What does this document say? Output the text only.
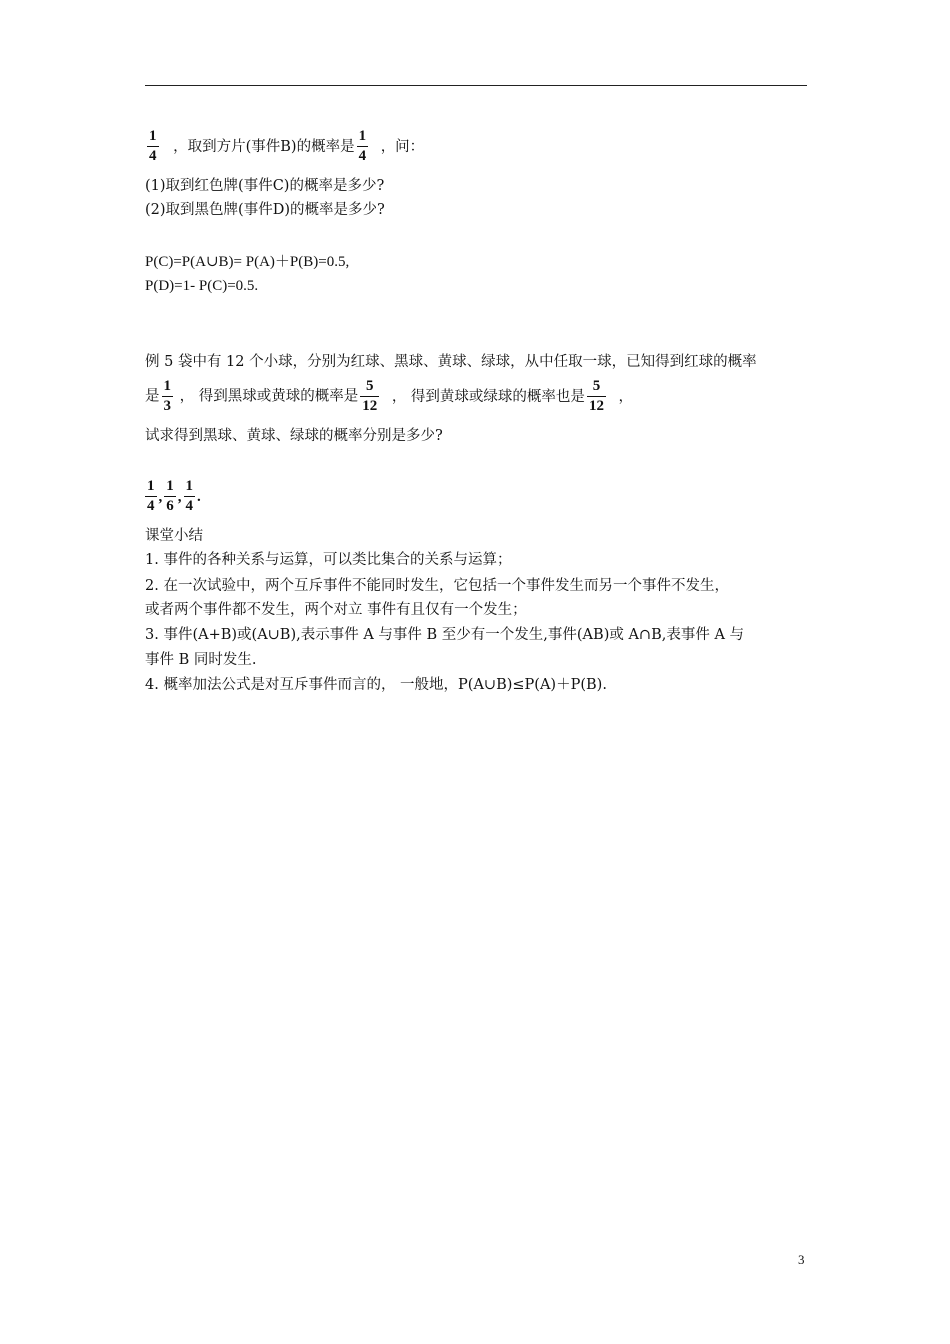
$\frac{1}{4}$ ，取到方片(事件B)的概率是 $\frac{1}{4}$ ，问：
(1)取到红色牌(事件C)的概率是多少?
(2)取到黑色牌(事件D)的概率是多少?
P(C)=P(A∪B)= P(A)＋P(B)=0.5,
P(D)=1- P(C)=0.5.
例 5 袋中有 12 个小球，分别为红球、黑球、黄球、绿球，从中任取一球，已知得到红球的概率
是 $\frac{1}{3}$ ， 得到黑球或黄球的概率是 $\frac{5}{12}$ ， 得到黄球或绿球的概率也是 $\frac{5}{12}$ ，
试求得到黑球、黄球、绿球的概率分别是多少?
$\frac{1}{4}$ , $\frac{1}{6}$ , $\frac{1}{4}$ .
课堂小结
1. 事件的各种关系与运算，可以类比集合的关系与运算；
2. 在一次试验中，两个互斥事件不能同时发生，它包括一个事件发生而另一个事件不发生，
或者两个事件都不发生，两个对立 事件有且仅有一个发生；
3. 事件(A+B)或(A∪B),表示事件 A 与事件 B 至少有一个发生,事件(AB)或 A∩B,表事件 A 与
事件 B 同时发生.
4. 概率加法公式是对互斥事件而言的， 一般地，P(A∪B)≤P(A)＋P(B).
3
